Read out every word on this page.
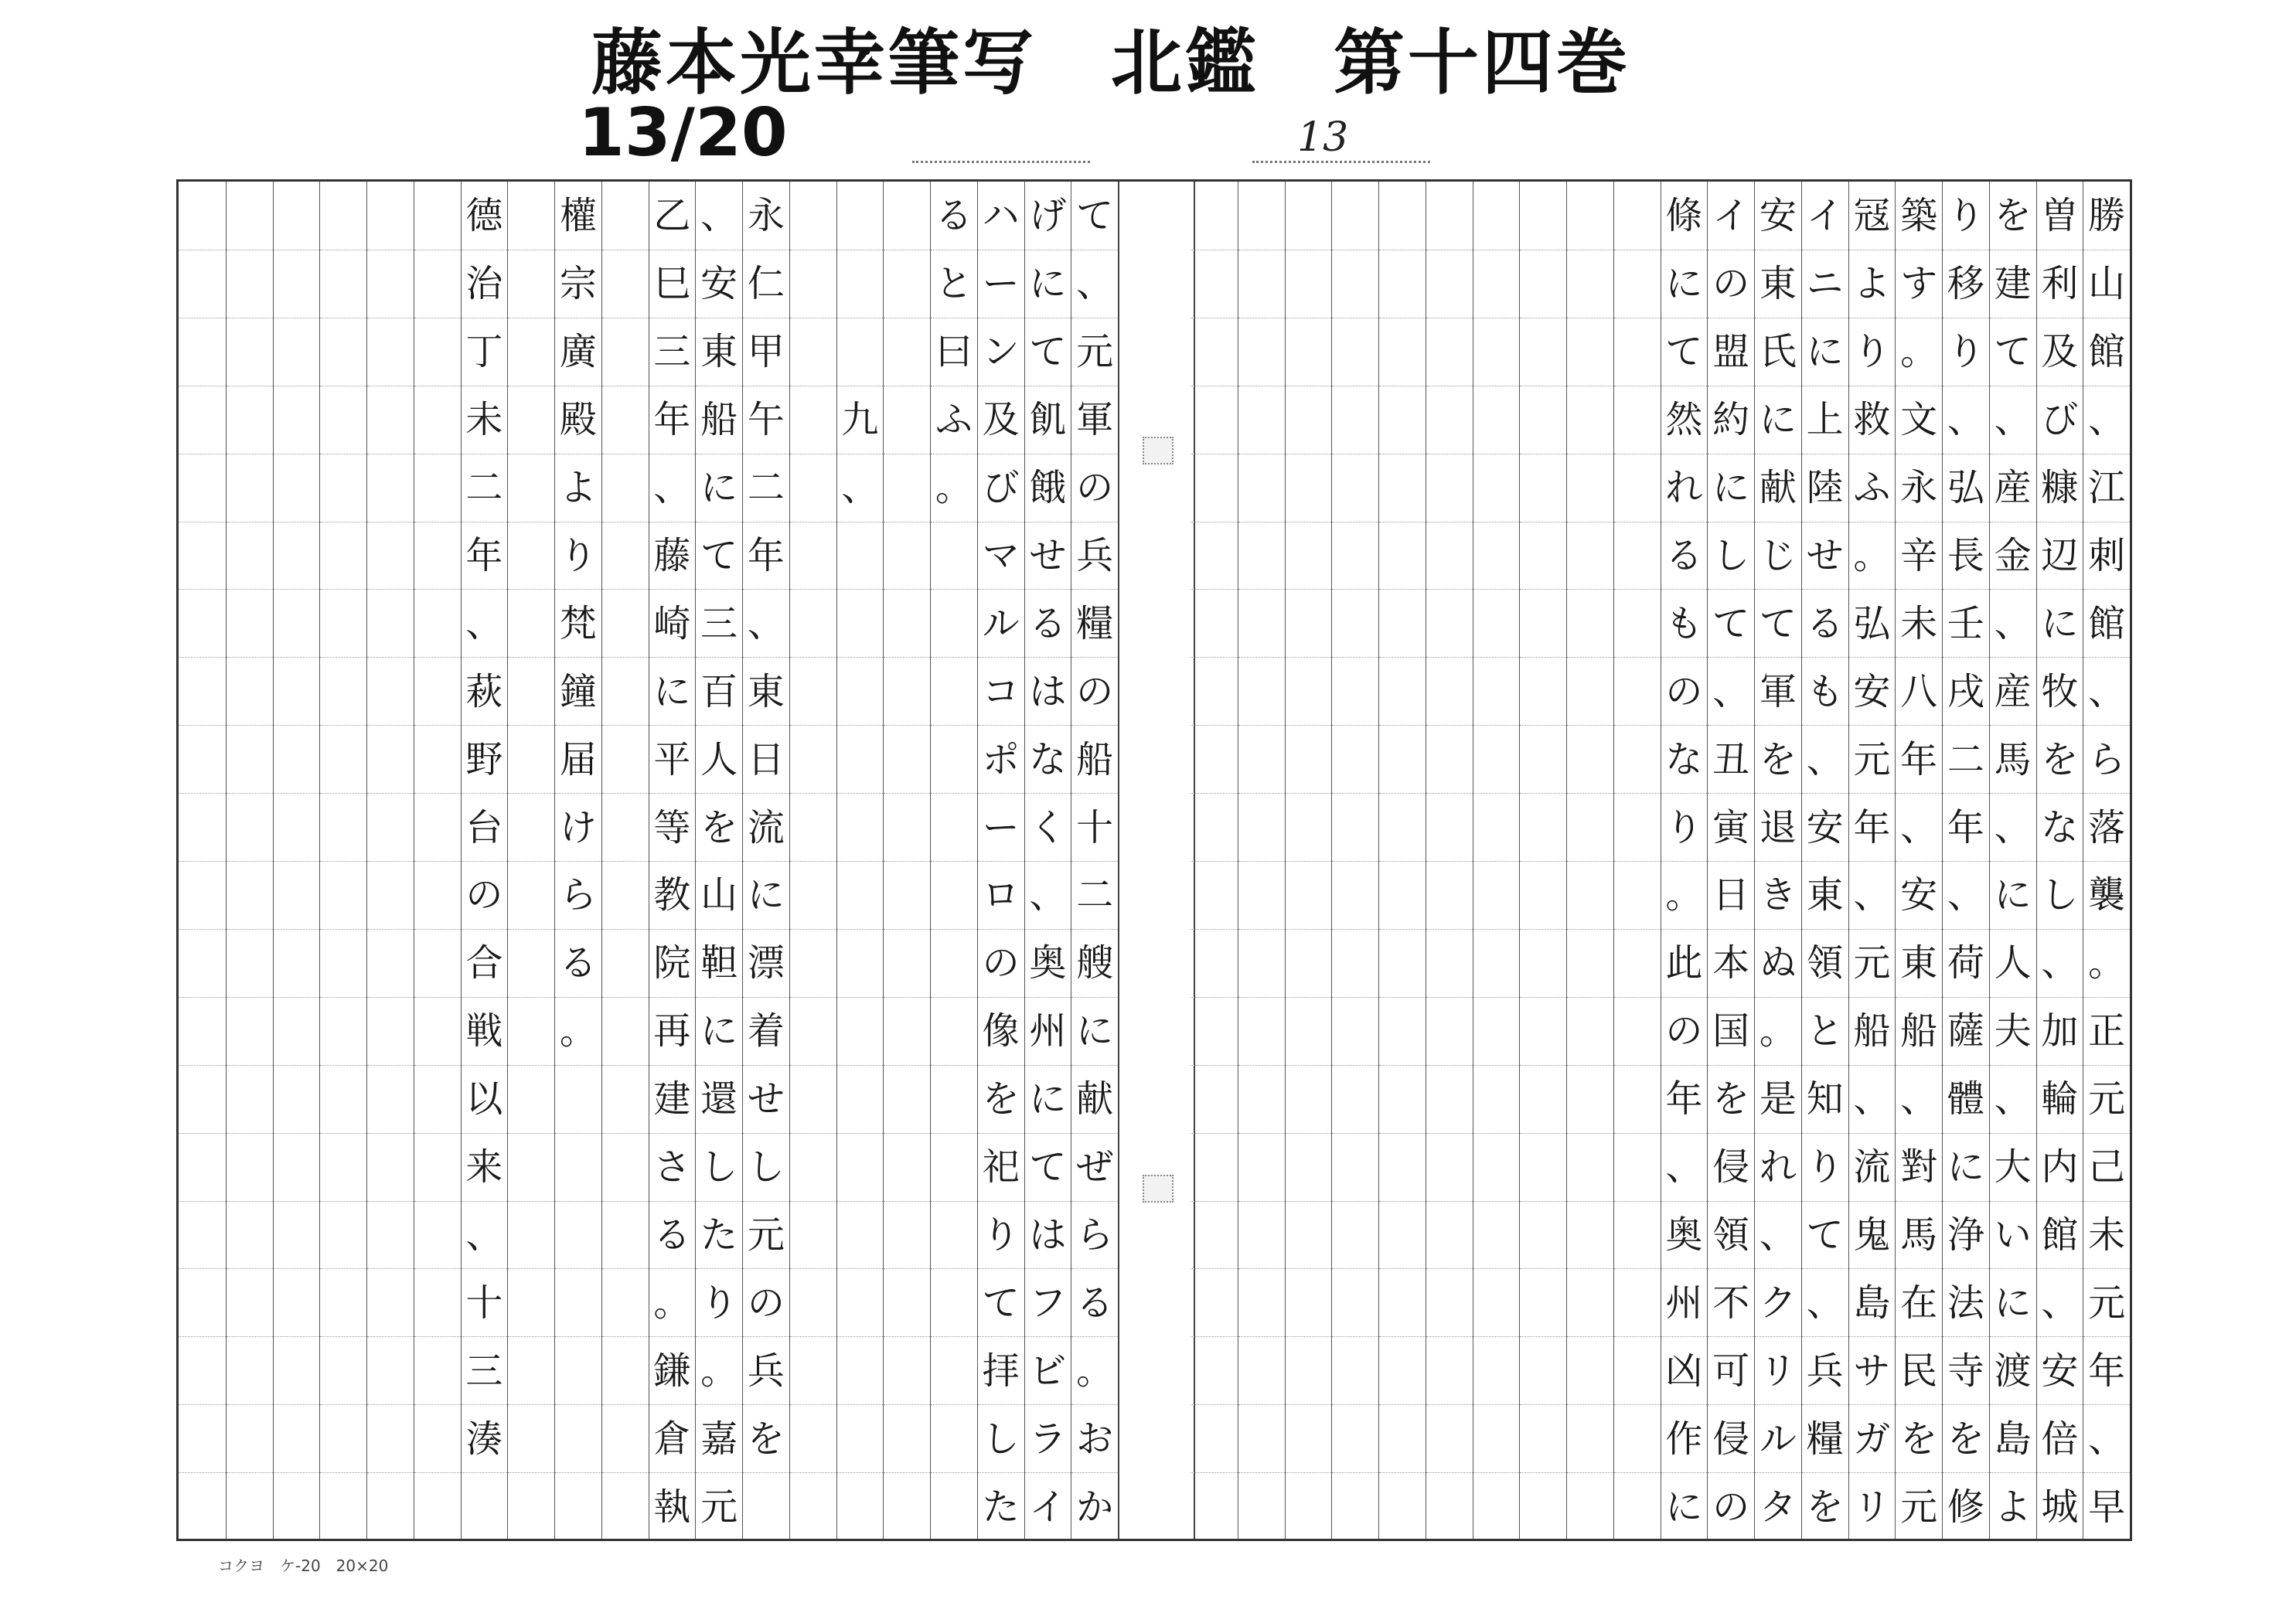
藤本光幸筆写　北鑑　第十四巻
13/20	13
德
治
丁
未
二
年
、
萩
野
台
の
合
戦
以
来
、
十
三
湊
權
宗
廣
殿
よ
り
梵
鐘
届
け
ら
る
。
乙
巳
三
年
、
藤
崎
に
平
等
教
院
再
建
さ
る
。
鎌
倉
執
、
安
東
船
に
て
三
百
人
を
山
靼
に
還
し
た
り
。
嘉
元
永
仁
甲
午
二
年
、
東
日
流
に
漂
着
せ
し
元
の
兵
を
九
、
る
と
曰
ふ
。
ハ
ー
ン
及
び
マ
ル
コ
ポ
ー
ロ
の
像
を
祀
り
て
拝
し
た
げ
に
て
飢
餓
せ
る
は
な
く
、
奥
州
に
て
は
フ
ビ
ラ
イ
て
、
元
軍
の
兵
糧
の
船
十
二
艘
に
献
ぜ
ら
る
。
お
か
條
に
て
然
れ
る
も
の
な
り
。
此
の
年
、
奥
州
凶
作
に
イ
の
盟
約
に
し
て
、
丑
寅
日
本
国
を
侵
領
不
可
侵
の
安
東
氏
に
献
じ
て
軍
を
退
き
ぬ
。
是
れ
、
ク
リ
ル
タ
イ
ニ
に
上
陸
せ
る
も
、
安
東
領
と
知
り
て
、
兵
糧
を
冦
よ
り
救
ふ
。
弘
安
元
年
、
元
船
、
流
鬼
島
サ
ガ
リ
築
す
。
文
永
辛
未
八
年
、
安
東
船
、
對
馬
在
民
を
元
り
移
り
、
弘
長
壬
戌
二
年
、
荷
薩
體
に
浄
法
寺
を
修
を
建
て
、
産
金
、
産
馬
、
に
人
夫
、
大
い
に
渡
島
よ
曽
利
及
び
糠
辺
に
牧
を
な
し
、
加
輪
内
館
、
安
倍
城
勝
山
館
、
江
刺
館
、
ら
落
襲
。
正
元
己
未
元
年
、
早
コクヨ　ケ-20　20×20
